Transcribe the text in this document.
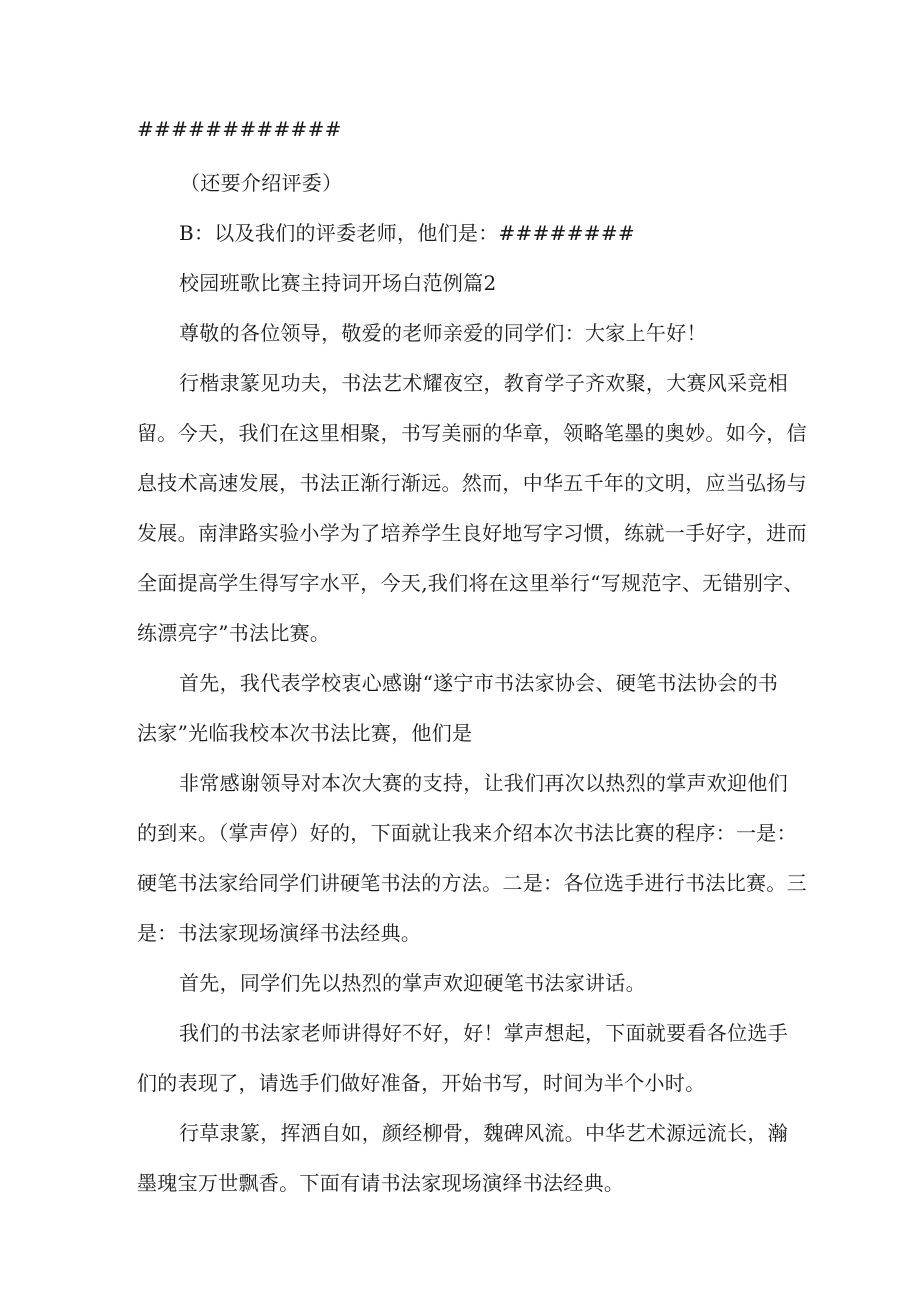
############
（还要介绍评委）
B：以及我们的评委老师，他们是：########
校园班歌比赛主持词开场白范例篇2
尊敬的各位领导，敬爱的老师亲爱的同学们：大家上午好！
行楷隶篆见功夫，书法艺术耀夜空，教育学子齐欢聚，大赛风采竞相
留。今天，我们在这里相聚，书写美丽的华章，领略笔墨的奥妙。如今，信
息技术高速发展，书法正渐行渐远。然而，中华五千年的文明，应当弘扬与
发展。南津路实验小学为了培养学生良好地写字习惯，练就一手好字，进而
全面提高学生得写字水平，今天,我们将在这里举行“写规范字、无错别字、
练漂亮字”书法比赛。
首先，我代表学校衷心感谢“遂宁市书法家协会、硬笔书法协会的书
法家”光临我校本次书法比赛，他们是
非常感谢领导对本次大赛的支持，让我们再次以热烈的掌声欢迎他们
的到来。（掌声停）好的，下面就让我来介绍本次书法比赛的程序：一是：
硬笔书法家给同学们讲硬笔书法的方法。二是：各位选手进行书法比赛。三
是：书法家现场演绎书法经典。
首先，同学们先以热烈的掌声欢迎硬笔书法家讲话。
我们的书法家老师讲得好不好，好！掌声想起，下面就要看各位选手
们的表现了，请选手们做好准备，开始书写，时间为半个小时。
行草隶篆，挥洒自如，颜经柳骨，魏碑风流。中华艺术源远流长，瀚
墨瑰宝万世飘香。下面有请书法家现场演绎书法经典。
